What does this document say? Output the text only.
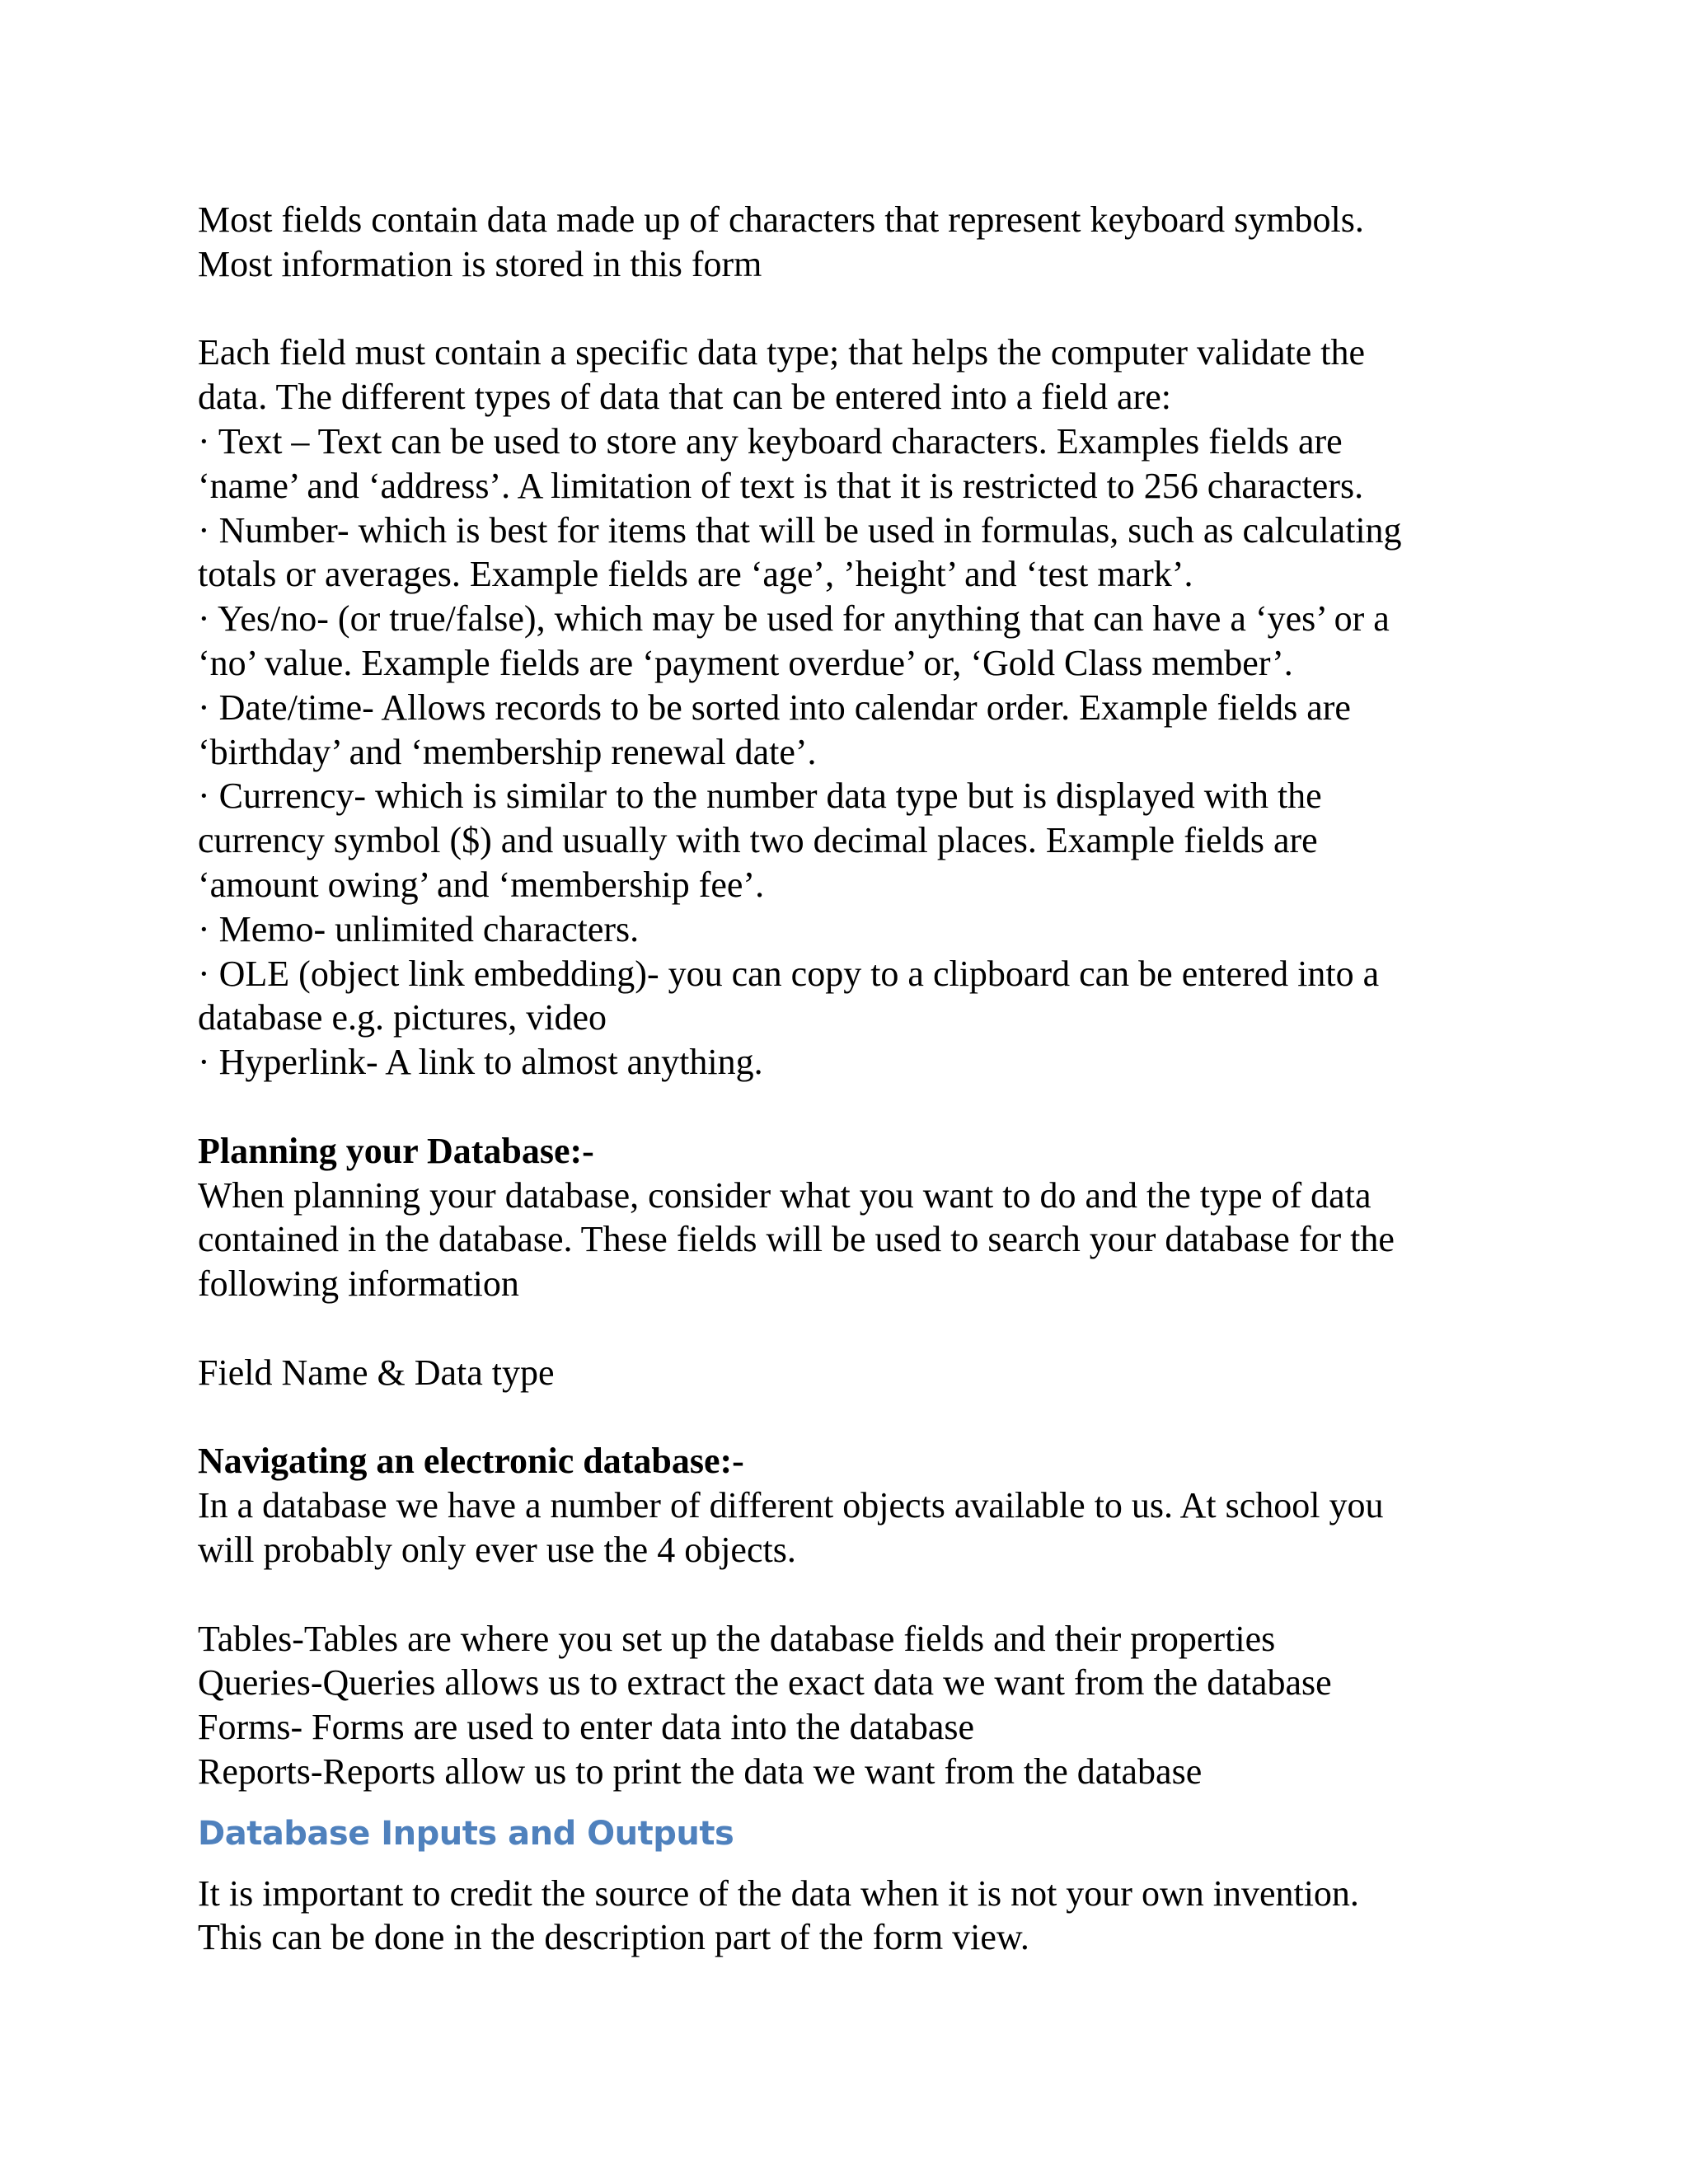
Most fields contain data made up of characters that represent keyboard symbols.
Most information is stored in this form
Each field must contain a specific data type; that helps the computer validate the
data. The different types of data that can be entered into a field are:
· Text – Text can be used to store any keyboard characters. Examples fields are
‘name’ and ‘address’. A limitation of text is that it is restricted to 256 characters.
· Number- which is best for items that will be used in formulas, such as calculating
totals or averages. Example fields are ‘age’, ’height’ and ‘test mark’.
· Yes/no- (or true/false), which may be used for anything that can have a ‘yes’ or a
‘no’ value. Example fields are ‘payment overdue’ or, ‘Gold Class member’.
· Date/time- Allows records to be sorted into calendar order. Example fields are
‘birthday’ and ‘membership renewal date’.
· Currency- which is similar to the number data type but is displayed with the
currency symbol ($) and usually with two decimal places. Example fields are
‘amount owing’ and ‘membership fee’.
· Memo- unlimited characters.
· OLE (object link embedding)- you can copy to a clipboard can be entered into a
database e.g. pictures, video
· Hyperlink- A link to almost anything.
Planning your Database:-
When planning your database, consider what you want to do and the type of data
contained in the database. These fields will be used to search your database for the
following information
Field Name & Data type
Navigating an electronic database:-
In a database we have a number of different objects available to us. At school you
will probably only ever use the 4 objects.
Tables-Tables are where you set up the database fields and their properties
Queries-Queries allows us to extract the exact data we want from the database
Forms- Forms are used to enter data into the database
Reports-Reports allow us to print the data we want from the database
Database Inputs and Outputs
It is important to credit the source of the data when it is not your own invention.
This can be done in the description part of the form view.
